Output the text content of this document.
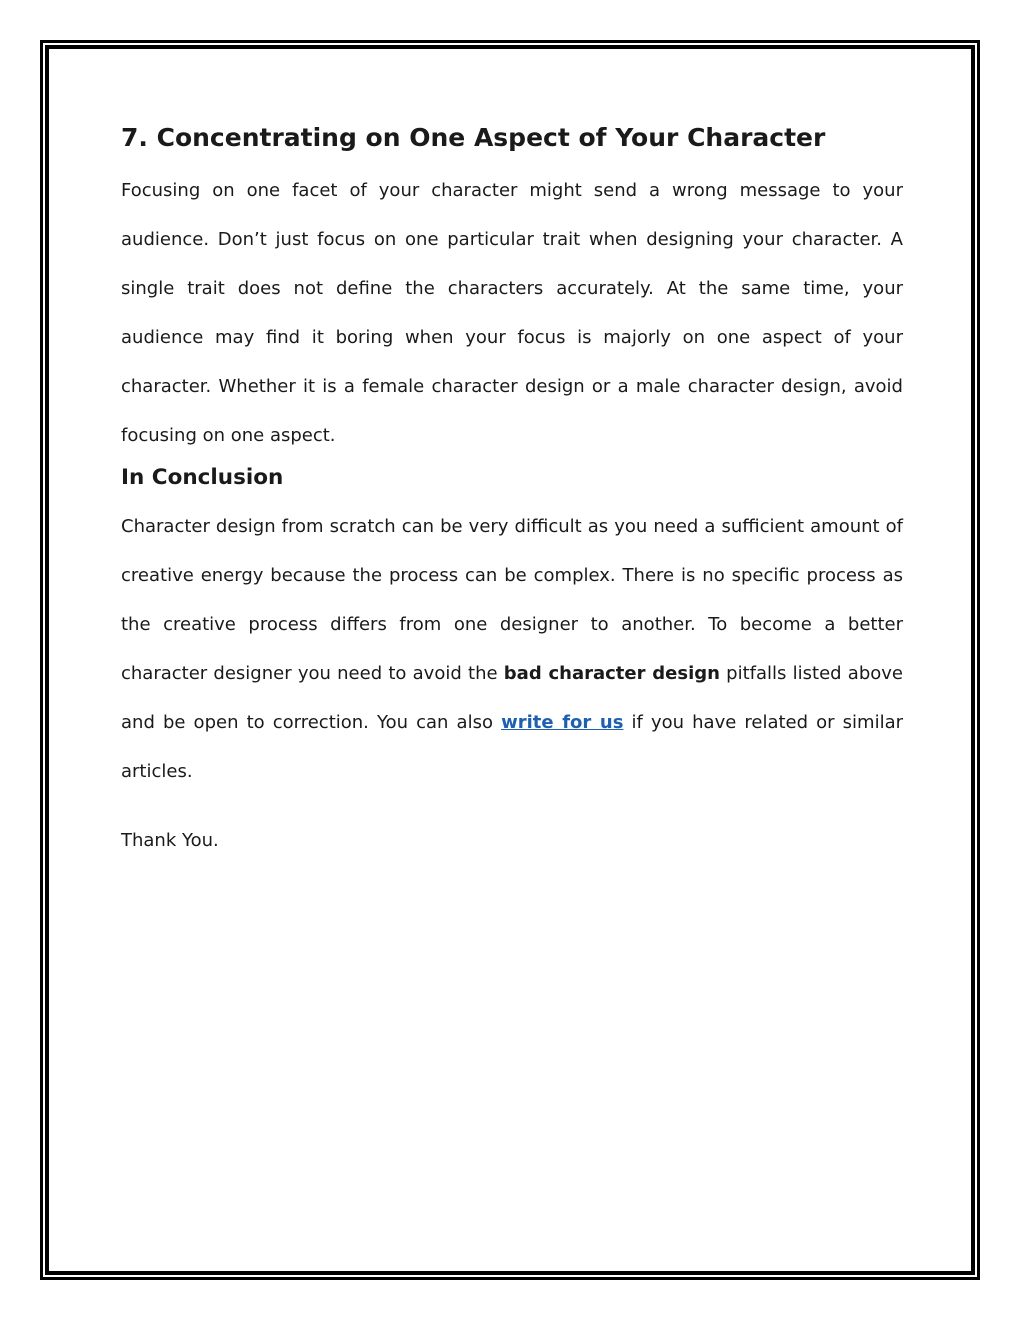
7. Concentrating on One Aspect of Your Character

Focusing on one facet of your character might send a wrong message to your audience. Don’t just focus on one particular trait when designing your character. A single trait does not define the characters accurately. At the same time, your audience may find it boring when your focus is majorly on one aspect of your character. Whether it is a female character design or a male character design, avoid focusing on one aspect.

In Conclusion

Character design from scratch can be very difficult as you need a sufficient amount of creative energy because the process can be complex. There is no specific process as the creative process differs from one designer to another. To become a better character designer you need to avoid the bad character design pitfalls listed above and be open to correction. You can also write for us if you have related or similar articles.

Thank You.
